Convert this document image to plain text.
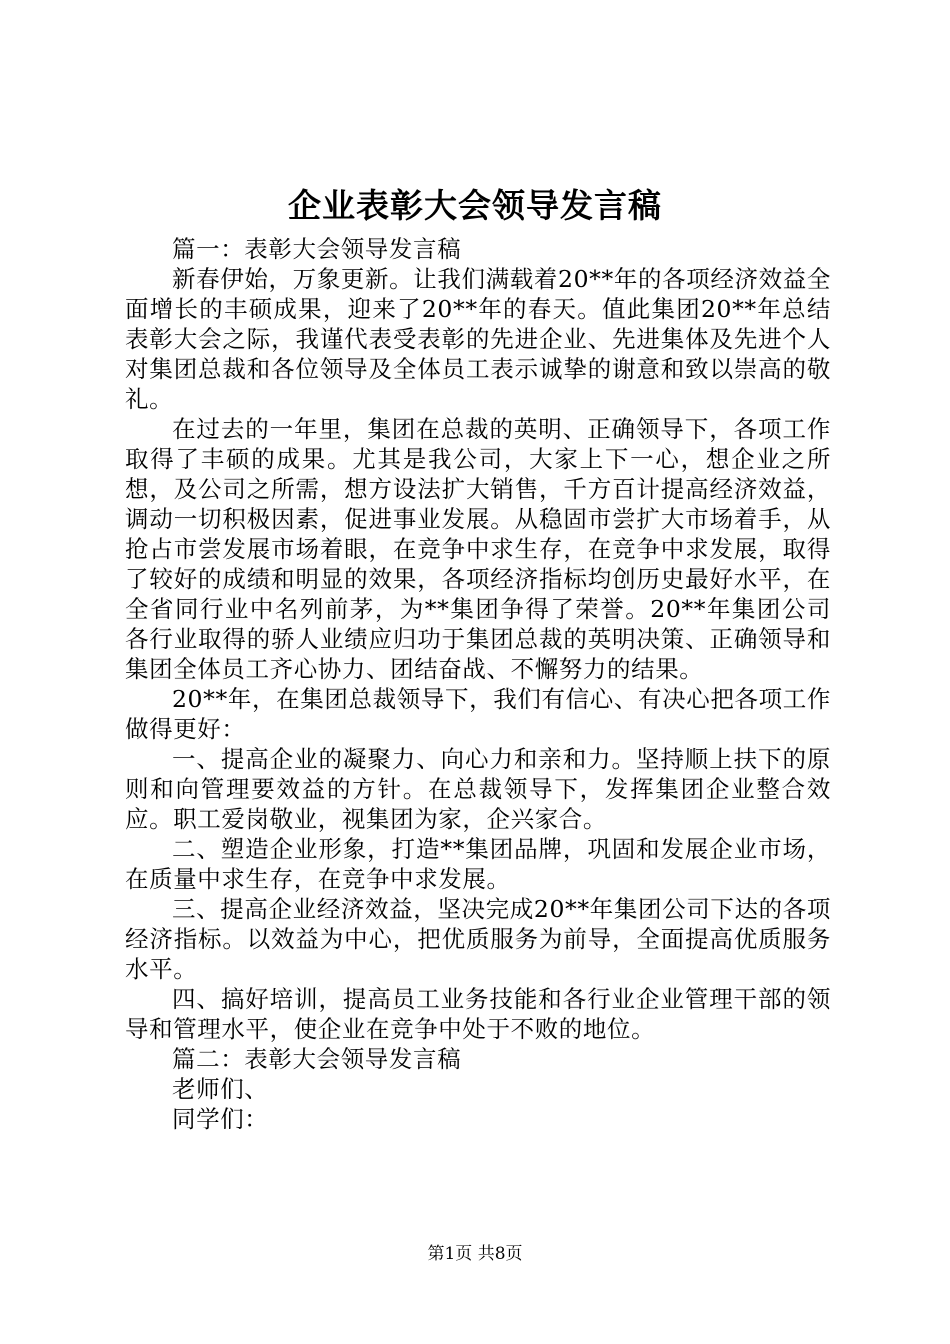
企业表彰大会领导发言稿

篇一：表彰大会领导发言稿

新春伊始，万象更新。让我们满载着20**年的各项经济效益全面增长的丰硕成果，迎来了20**年的春天。值此集团20**年总结表彰大会之际，我谨代表受表彰的先进企业、先进集体及先进个人对集团总裁和各位领导及全体员工表示诚挚的谢意和致以崇高的敬礼。

在过去的一年里，集团在总裁的英明、正确领导下，各项工作取得了丰硕的成果。尤其是我公司，大家上下一心，想企业之所想，及公司之所需，想方设法扩大销售，千方百计提高经济效益，调动一切积极因素，促进事业发展。从稳固市尝扩大市场着手，从抢占市尝发展市场着眼，在竞争中求生存，在竞争中求发展，取得了较好的成绩和明显的效果，各项经济指标均创历史最好水平，在全省同行业中名列前茅，为**集团争得了荣誉。20**年集团公司各行业取得的骄人业绩应归功于集团总裁的英明决策、正确领导和集团全体员工齐心协力、团结奋战、不懈努力的结果。

20**年，在集团总裁领导下，我们有信心、有决心把各项工作做得更好：

一、提高企业的凝聚力、向心力和亲和力。坚持顺上扶下的原则和向管理要效益的方针。在总裁领导下，发挥集团企业整合效应。职工爱岗敬业，视集团为家，企兴家合。

二、塑造企业形象，打造**集团品牌，巩固和发展企业市场，在质量中求生存，在竞争中求发展。

三、提高企业经济效益，坚决完成20**年集团公司下达的各项经济指标。以效益为中心，把优质服务为前导，全面提高优质服务水平。

四、搞好培训，提高员工业务技能和各行业企业管理干部的领导和管理水平，使企业在竞争中处于不败的地位。

篇二：表彰大会领导发言稿

老师们、

同学们：

第1页 共8页
